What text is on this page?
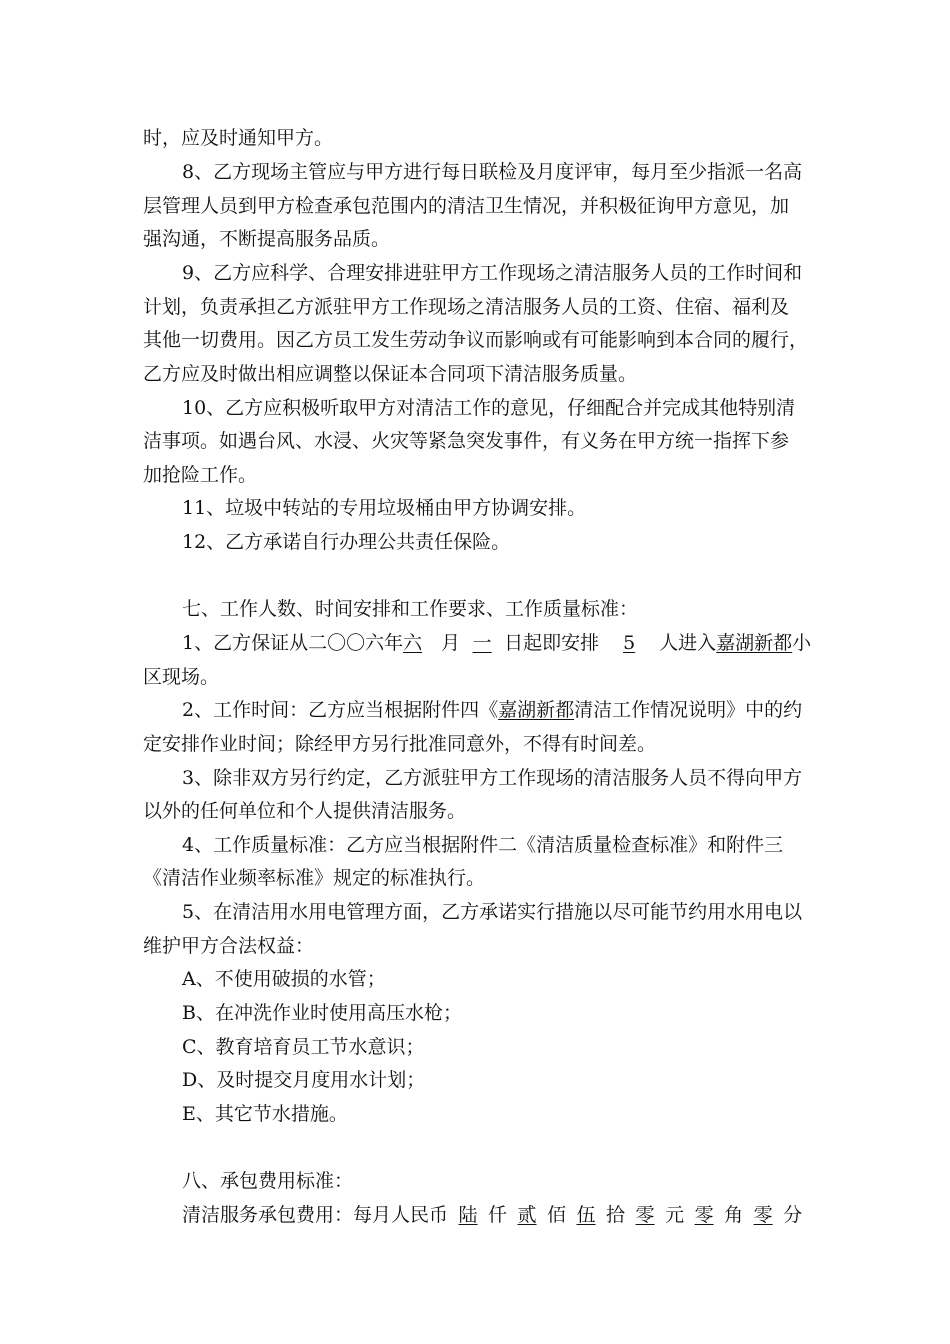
时，应及时通知甲方。
8、乙方现场主管应与甲方进行每日联检及月度评审，每月至少指派一名高
层管理人员到甲方检查承包范围内的清洁卫生情况，并积极征询甲方意见，加
强沟通，不断提高服务品质。
9、乙方应科学、合理安排进驻甲方工作现场之清洁服务人员的工作时间和
计划，负责承担乙方派驻甲方工作现场之清洁服务人员的工资、住宿、福利及
其他一切费用。因乙方员工发生劳动争议而影响或有可能影响到本合同的履行，
乙方应及时做出相应调整以保证本合同项下清洁服务质量。
10、乙方应积极听取甲方对清洁工作的意见，仔细配合并完成其他特别清
洁事项。如遇台风、水浸、火灾等紧急突发事件，有义务在甲方统一指挥下参
加抢险工作。
11、垃圾中转站的专用垃圾桶由甲方协调安排。
12、乙方承诺自行办理公共责任保险。
七、工作人数、时间安排和工作要求、工作质量标准：
1、乙方保证从二〇〇六年六 月 一 日起即安排 5 人进入嘉湖新都小
区现场。
2、工作时间：乙方应当根据附件四《嘉湖新都清洁工作情况说明》中的约
定安排作业时间；除经甲方另行批准同意外，不得有时间差。
3、除非双方另行约定，乙方派驻甲方工作现场的清洁服务人员不得向甲方
以外的任何单位和个人提供清洁服务。
4、工作质量标准：乙方应当根据附件二《清洁质量检查标准》和附件三
《清洁作业频率标准》规定的标准执行。
5、在清洁用水用电管理方面，乙方承诺实行措施以尽可能节约用水用电以
维护甲方合法权益：
A、不使用破损的水管；
B、在冲洗作业时使用高压水枪；
C、教育培育员工节水意识；
D、及时提交月度用水计划；
E、其它节水措施。
八、承包费用标准：
清洁服务承包费用：每月人民币 陆 仟 贰 佰 伍 拾 零 元 零 角 零 分
